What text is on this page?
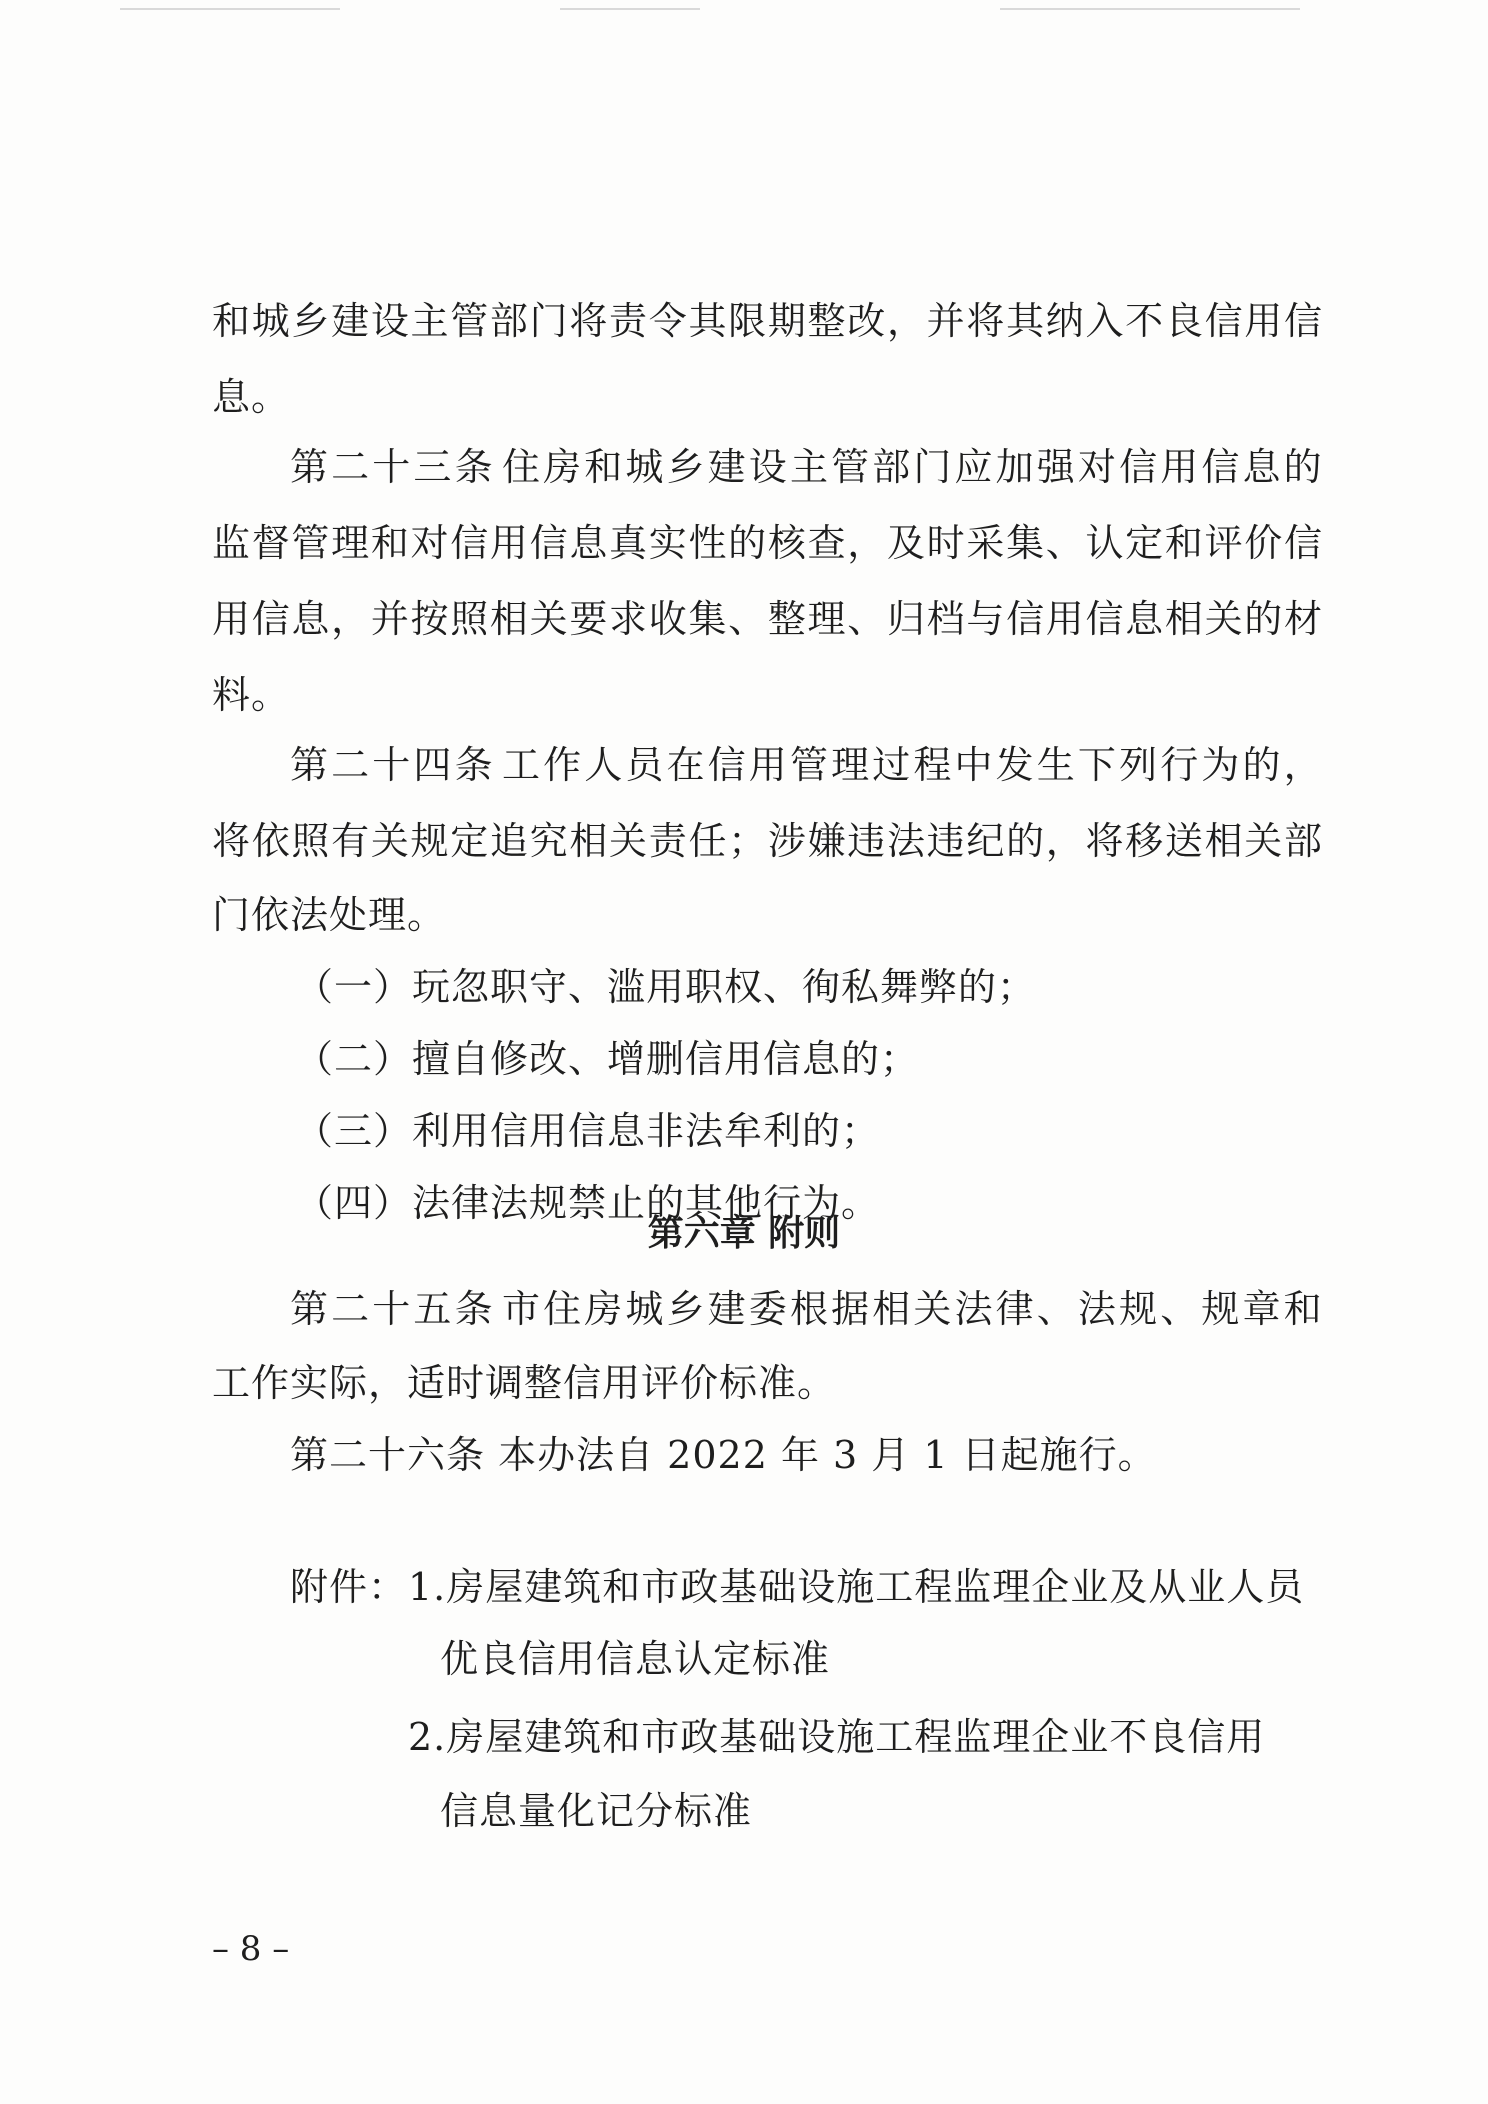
和 城 乡 建 设 主 管 部 门 将 责 令 其 限 期 整 改 ， 并 将 其 纳 入 不 良 信 用 信
息。
第 二 十 三 条 住 房 和 城 乡 建 设 主 管 部 门 应 加 强 对 信 用 信 息 的
监 督 管 理 和 对 信 用 信 息 真 实 性 的 核 查 ， 及 时 采 集 、 认 定 和 评 价 信
用 信 息 ， 并 按 照 相 关 要 求 收 集 、 整 理 、 归 档 与 信 用 信 息 相 关 的 材
料。
第 二 十 四 条 工 作 人 员 在 信 用 管 理 过 程 中 发 生 下 列 行 为 的 ，
将 依 照 有 关 规 定 追 究 相 关 责 任 ； 涉 嫌 违 法 违 纪 的 ， 将 移 送 相 关 部
门依法处理。
（一）玩忽职守、滥用职权、徇私舞弊的；
（二）擅自修改、增删信用信息的；
（三）利用信用信息非法牟利的；
（四）法律法规禁止的其他行为。
第六章 附则
第 二 十 五 条 市 住 房 城 乡 建 委 根 据 相 关 法 律 、 法 规 、 规 章 和
工作实际，适时调整信用评价标准。
第二十六条 本办法自 2022 年 3 月 1 日起施行。
附件： 1.房屋建筑和市政基础设施工程监理企业及从业人员
优良信用信息认定标准
2.房屋建筑和市政基础设施工程监理企业不良信用
信息量化记分标准
– 8 –
